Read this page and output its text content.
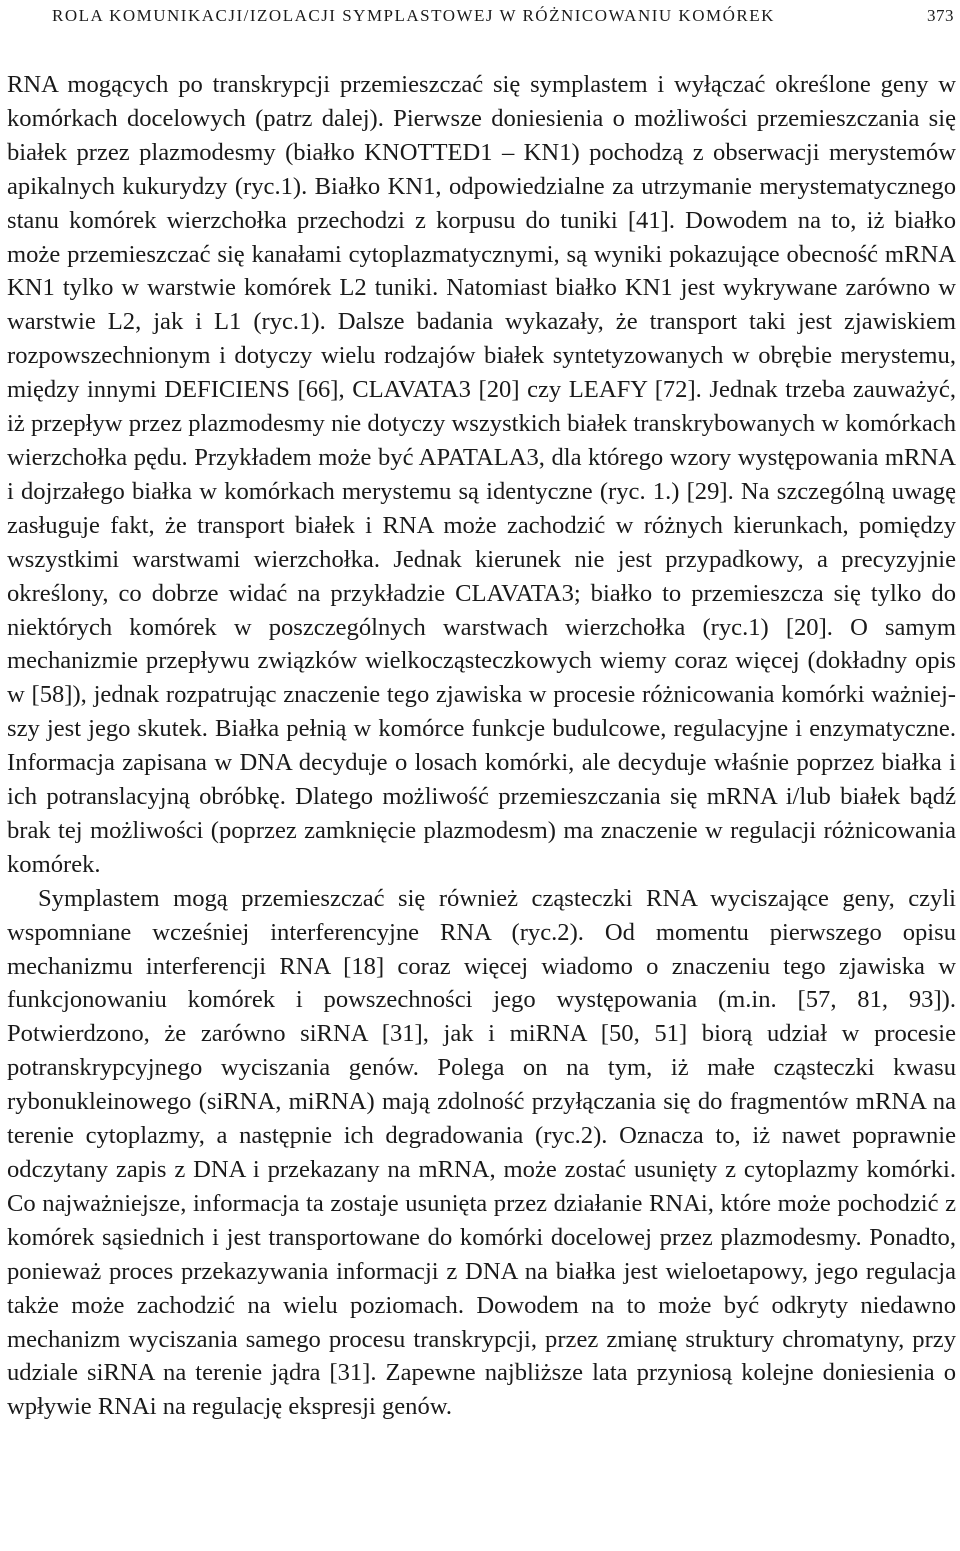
ROLA KOMUNIKACJI/IZOLACJI SYMPLASTOWEJ W RÓŻNICOWANIU KOMÓREK	373

RNA mogących po transkrypcji przemieszczać się symplastem i wyłączać określone geny w komórkach docelowych (patrz dalej). Pierwsze doniesienia o możliwości przemieszczania się białek przez plazmodesmy (białko KNOTTED1 – KN1) pochodzą z obserwacji merystemów apikalnych kukurydzy (ryc.1). Białko KN1, odpowiedzialne za utrzymanie merystematycznego stanu komórek wierzchołka przechodzi z korpusu do tuniki [41]. Dowodem na to, iż białko może przemieszczać się kanałami cytoplazmatycznymi, są wyniki pokazujące obecność mRNA KN1 tylko w warstwie komórek L2 tuniki. Natomiast białko KN1 jest wykrywane zarówno w warstwie L2, jak i L1 (ryc.1). Dalsze badania wykazały, że transport taki jest zjawiskiem rozpowszechnionym i dotyczy wielu rodzajów białek syntetyzowanych w obrębie merystemu, między innymi DEFICIENS [66], CLAVATA3 [20] czy LEAFY [72]. Jednak trzeba zauważyć, iż przepływ przez plazmodesmy nie dotyczy wszystkich białek transkrybowanych w komórkach wierzchołka pędu. Przykładem może być APATALA3, dla którego wzory występowania mRNA i dojrzałego białka w komórkach merystemu są identyczne (ryc. 1.) [29]. Na szczególną uwagę zasługuje fakt, że transport białek i RNA może zachodzić w różnych kierunkach, pomiędzy wszystkimi warstwami wierzchołka. Jednak kierunek nie jest przypadkowy, a precyzyjnie określony, co dobrze widać na przykładzie CLAVATA3; białko to przemieszcza się tylko do niektórych komórek w poszczególnych warstwach wierzchołka (ryc.1) [20]. O samym mechanizmie przepływu związków wielkocząsteczkowych wiemy coraz więcej (dokładny opis w [58]), jednak rozpatrując znaczenie tego zjawiska w procesie różnicowania komórki ważniejszy jest jego skutek. Białka pełnią w komórce funkcje budulcowe, regulacyjne i enzymatyczne. Informacja zapisana w DNA decyduje o losach komórki, ale decyduje właśnie poprzez białka i ich potranslacyjną obróbkę. Dlatego możliwość przemieszczania się mRNA i/lub białek bądź brak tej możliwości (poprzez zamknięcie plazmodesm) ma znaczenie w regulacji różnicowania komórek.

Symplastem mogą przemieszczać się również cząsteczki RNA wyciszające geny, czyli wspomniane wcześniej interferencyjne RNA (ryc.2). Od momentu pierwszego opisu mechanizmu interferencji RNA [18] coraz więcej wiadomo o znaczeniu tego zjawiska w funkcjonowaniu komórek i powszechności jego występowania (m.in. [57, 81, 93]). Potwierdzono, że zarówno siRNA [31], jak i miRNA [50, 51] biorą udział w procesie potranskrypcyjnego wyciszania genów. Polega on na tym, iż małe cząsteczki kwasu rybonukleinowego (siRNA, miRNA) mają zdolność przyłączania się do fragmentów mRNA na terenie cytoplazmy, a następnie ich degradowania (ryc.2). Oznacza to, iż nawet poprawnie odczytany zapis z DNA i przekazany na mRNA, może zostać usunięty z cytoplazmy komórki. Co najważniejsze, informacja ta zostaje usunięta przez działanie RNAi, które może pochodzić z komórek sąsiednich i jest transportowane do komórki docelowej przez plazmodesmy. Ponadto, ponieważ proces przekazywania informacji z DNA na białka jest wieloetapowy, jego regulacja także może zachodzić na wielu poziomach. Dowodem na to może być odkryty niedawno mechanizm wyciszania samego procesu transkrypcji, przez zmianę struktury chromatyny, przy udziale siRNA na terenie jądra [31]. Zapewne najbliższe lata przyniosą kolejne doniesienia o wpływie RNAi na regulację ekspresji genów.
